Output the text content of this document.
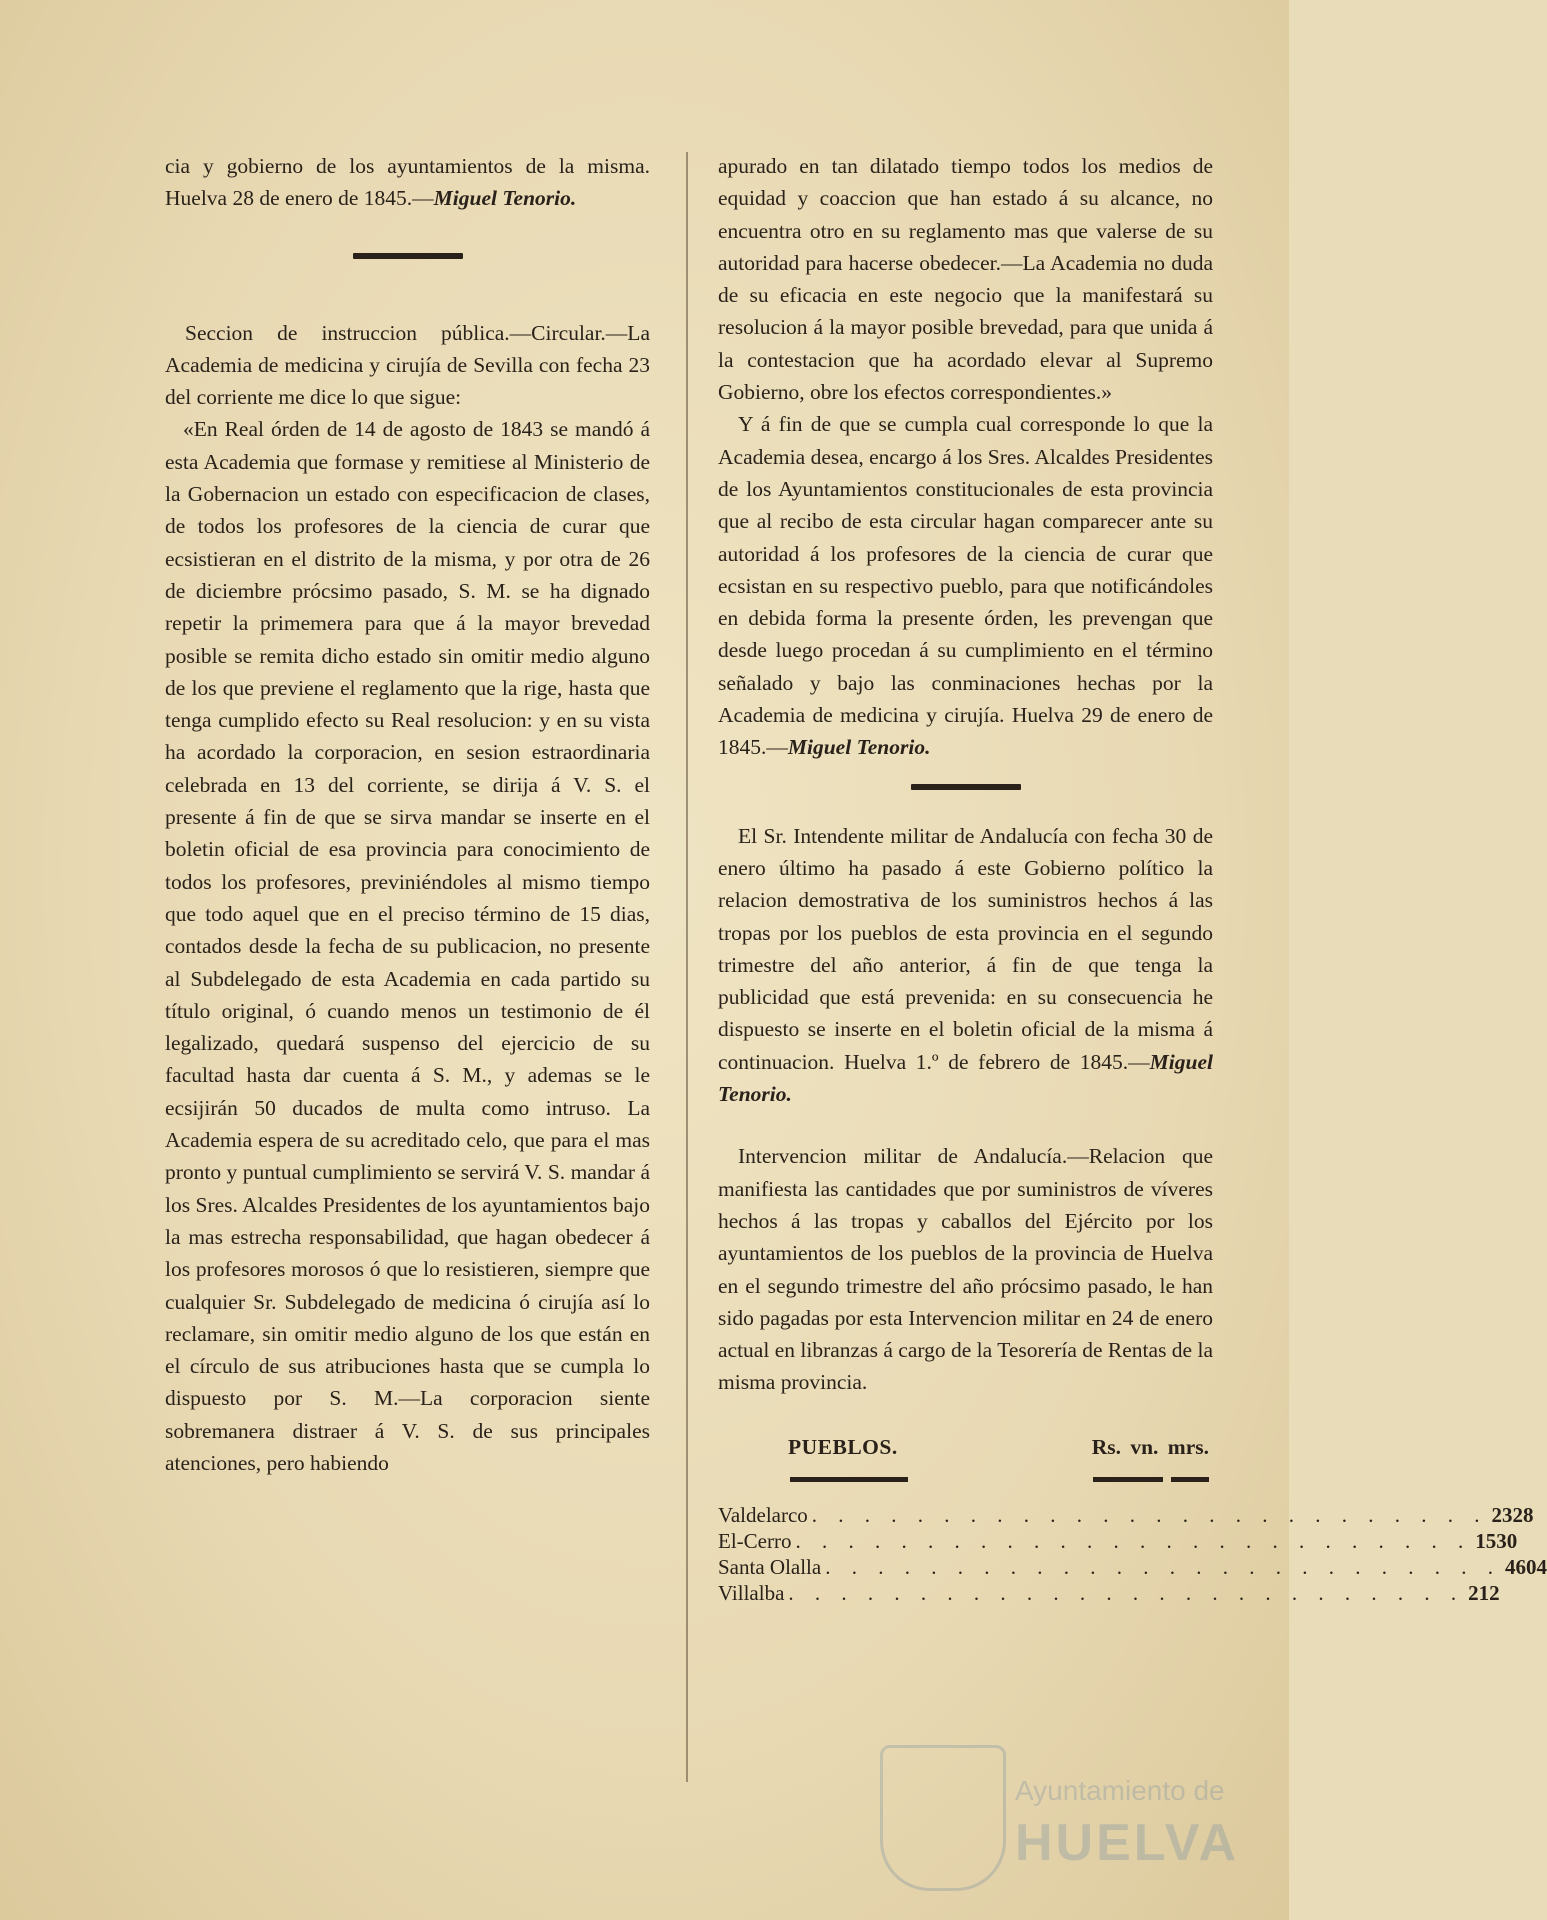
cia y gobierno de los ayuntamientos de la misma. Huelva 28 de enero de 1845.—Miguel Tenorio.

Seccion de instruccion pública.—Circular.—La Academia de medicina y cirujía de Sevilla con fecha 23 del corriente me dice lo que sigue:

«En Real órden de 14 de agosto de 1843 se mandó á esta Academia que formase y remitiese al Ministerio de la Gobernacion un estado con especificacion de clases, de todos los profesores de la ciencia de curar que ecsistieran en el distrito de la misma, y por otra de 26 de diciembre prócsimo pasado, S. M. se ha dignado repetir la primemera para que á la mayor brevedad posible se remita dicho estado sin omitir medio alguno de los que previene el reglamento que la rige, hasta que tenga cumplido efecto su Real resolucion: y en su vista ha acordado la corporacion, en sesion estraordinaria celebrada en 13 del corriente, se dirija á V. S. el presente á fin de que se sirva mandar se inserte en el boletin oficial de esa provincia para conocimiento de todos los profesores, previniéndoles al mismo tiempo que todo aquel que en el preciso término de 15 dias, contados desde la fecha de su publicacion, no presente al Subdelegado de esta Academia en cada partido su título original, ó cuando menos un testimonio de él legalizado, quedará suspenso del ejercicio de su facultad hasta dar cuenta á S. M., y ademas se le ecsijirán 50 ducados de multa como intruso. La Academia espera de su acreditado celo, que para el mas pronto y puntual cumplimiento se servirá V. S. mandar á los Sres. Alcaldes Presidentes de los ayuntamientos bajo la mas estrecha responsabilidad, que hagan obedecer á los profesores morosos ó que lo resistieren, siempre que cualquier Sr. Subdelegado de medicina ó cirujía así lo reclamare, sin omitir medio alguno de los que están en el círculo de sus atribuciones hasta que se cumpla lo dispuesto por S. M.—La corporacion siente sobremanera distraer á V. S. de sus principales atenciones, pero habiendo

apurado en tan dilatado tiempo todos los medios de equidad y coaccion que han estado á su alcance, no encuentra otro en su reglamento mas que valerse de su autoridad para hacerse obedecer.—La Academia no duda de su eficacia en este negocio que la manifestará su resolucion á la mayor posible brevedad, para que unida á la contestacion que ha acordado elevar al Supremo Gobierno, obre los efectos correspondientes.»

Y á fin de que se cumpla cual corresponde lo que la Academia desea, encargo á los Sres. Alcaldes Presidentes de los Ayuntamientos constitucionales de esta provincia que al recibo de esta circular hagan comparecer ante su autoridad á los profesores de la ciencia de curar que ecsistan en su respectivo pueblo, para que notificándoles en debida forma la presente órden, les prevengan que desde luego procedan á su cumplimiento en el término señalado y bajo las conminaciones hechas por la Academia de medicina y cirujía. Huelva 29 de enero de 1845.—Miguel Tenorio.

El Sr. Intendente militar de Andalucía con fecha 30 de enero último ha pasado á este Gobierno político la relacion demostrativa de los suministros hechos á las tropas por los pueblos de esta provincia en el segundo trimestre del año anterior, á fin de que tenga la publicidad que está prevenida: en su consecuencia he dispuesto se inserte en el boletin oficial de la misma á continuacion. Huelva 1.º de febrero de 1845.—Miguel Tenorio.

Intervencion militar de Andalucía.—Relacion que manifiesta las cantidades que por suministros de víveres hechos á las tropas y caballos del Ejército por los ayuntamientos de los pueblos de la provincia de Huelva en el segundo trimestre del año prócsimo pasado, le han sido pagadas por esta Intervencion militar en 24 de enero actual en libranzas á cargo de la Tesorería de Rentas de la misma provincia.

PUEBLOS.	Rs. vn. mrs.
Valdelarco . . . . . . . . . . . . . . . . . . . . . . . . . . 23 28
El-Cerro . . . . . . . . . . . . . . . . . . . . . . . . . . 15 30
Santa Olalla . . . . . . . . . . . . . . . . . . . . . . . . . . 460 4
Villalba . . . . . . . . . . . . . . . . . . . . . . . . . . 2 12
Ayuntamiento de
HUELVA
